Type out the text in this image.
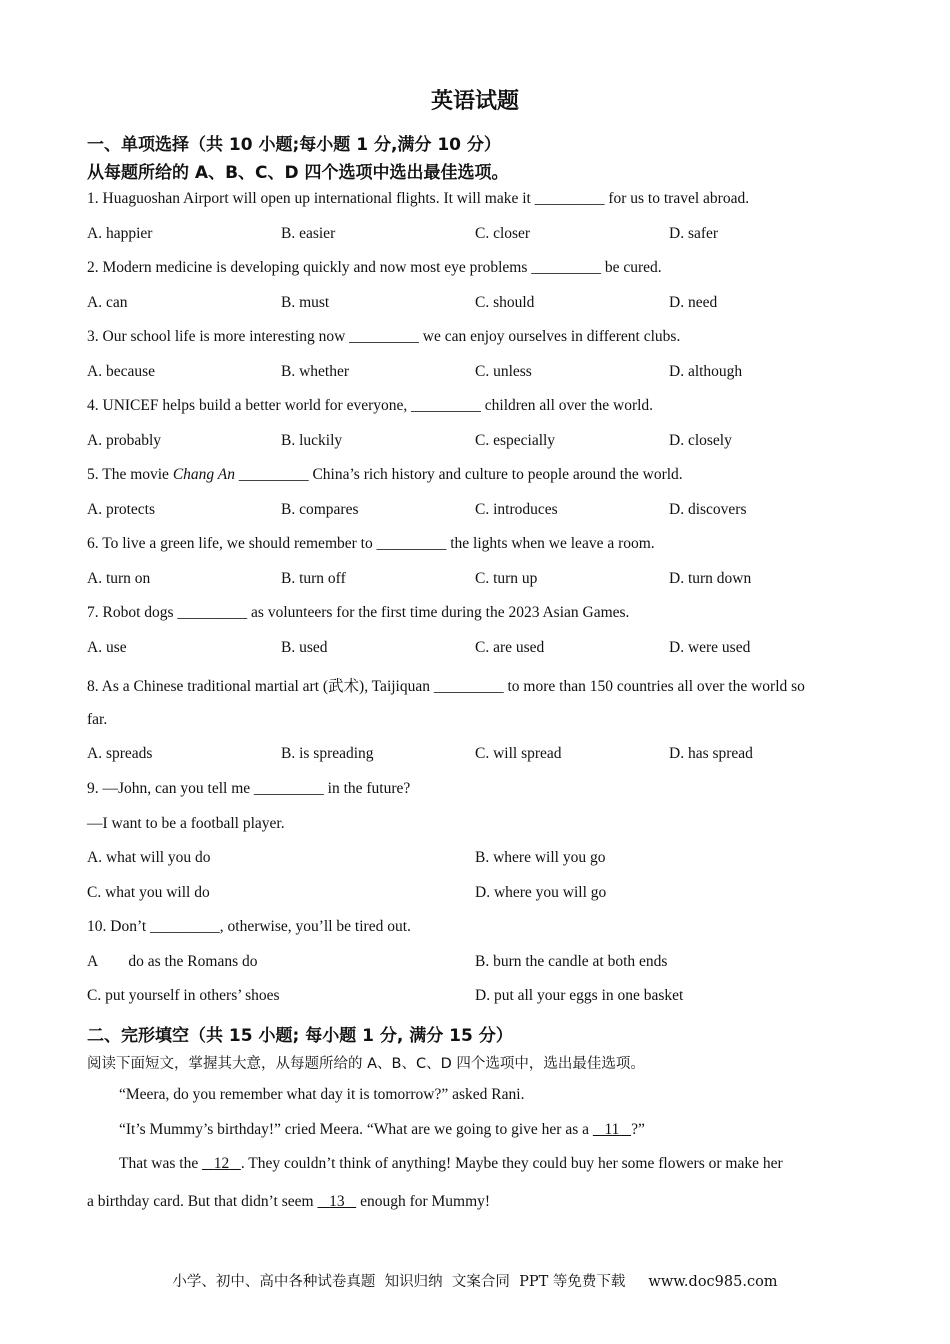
英语试题
一、单项选择（共 10 小题;每小题 1 分,满分 10 分）
从每题所给的 A、B、C、D 四个选项中选出最佳选项。
1. Huaguoshan Airport will open up international flights. It will make it _________ for us to travel abroad.
A. happier	B. easier	C. closer	D. safer
2. Modern medicine is developing quickly and now most eye problems _________ be cured.
A. can	B. must	C. should	D. need
3. Our school life is more interesting now _________ we can enjoy ourselves in different clubs.
A. because	B. whether	C. unless	D. although
4. UNICEF helps build a better world for everyone, _________ children all over the world.
A. probably	B. luckily	C. especially	D. closely
5. The movie Chang An _________ China’s rich history and culture to people around the world.
A. protects	B. compares	C. introduces	D. discovers
6. To live a green life, we should remember to _________ the lights when we leave a room.
A. turn on	B. turn off	C. turn up	D. turn down
7. Robot dogs _________ as volunteers for the first time during the 2023 Asian Games.
A. use	B. used	C. are used	D. were used
8. As a Chinese traditional martial art (武术), Taijiquan _________ to more than 150 countries all over the world so
far.
A. spreads	B. is spreading	C. will spread	D. has spread
9. —John, can you tell me _________ in the future?
—I want to be a football player.
A. what will you do	B. where will you go
C. what you will do	D. where you will go
10. Don’t _________, otherwise, you’ll be tired out.
A        do as the Romans do	B. burn the candle at both ends
C. put yourself in others’ shoes	D. put all your eggs in one basket
二、完形填空（共 15 小题; 每小题 1 分, 满分 15 分）
阅读下面短文，掌握其大意，从每题所给的 A、B、C、D 四个选项中，选出最佳选项。
“Meera, do you remember what day it is tomorrow?” asked Rani.
“It’s Mummy’s birthday!” cried Meera. “What are we going to give her as a    11 ?”
That was the    12 . They couldn’t think of anything! Maybe they could buy her some flowers or make her
a birthday card. But that didn’t seem    13    enough for Mummy!
小学、初中、高中各种试卷真题  知识归纳  文案合同  PPT 等免费下载     www.doc985.com
